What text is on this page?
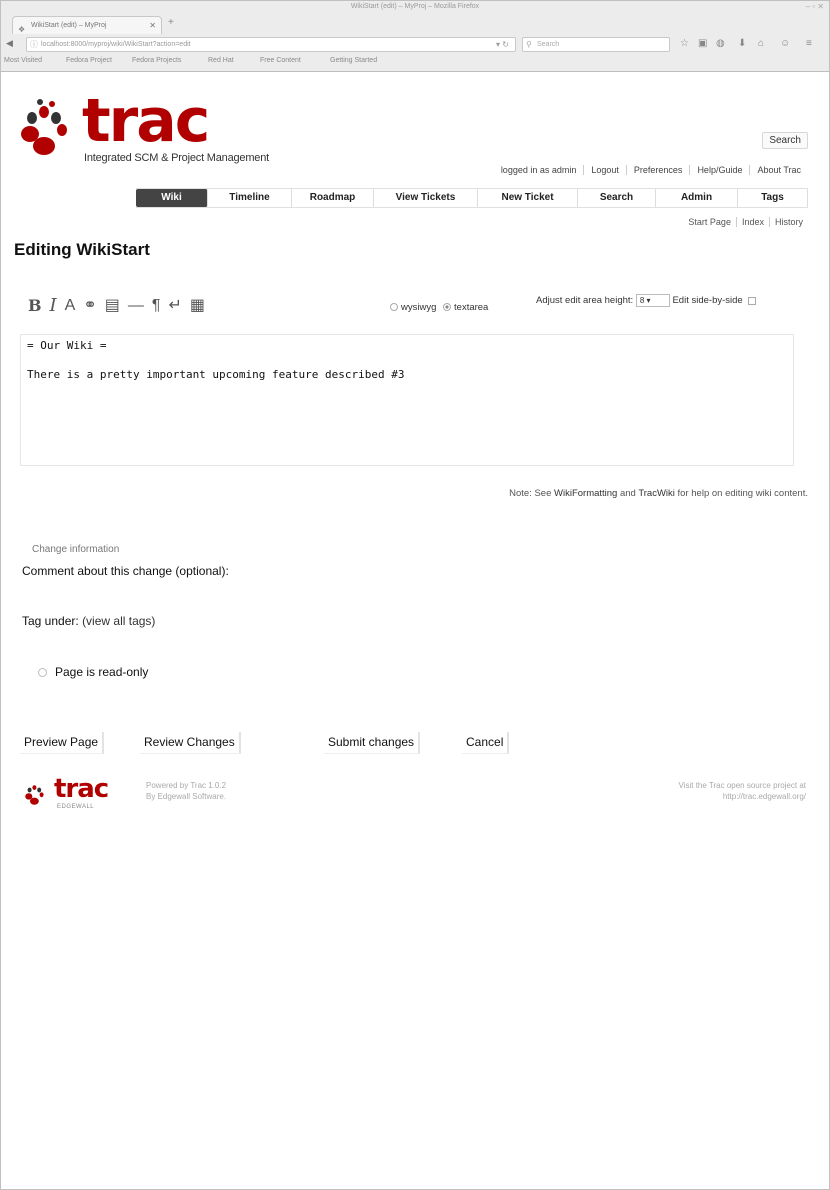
WikiStart (edit) – MyProj – Mozilla Firefox	– ▫ ✕
❖ WikiStart (edit) – MyProj	✕ +
◀ ⓘ localhost:8000/myproj/wiki/WikiStart?action=edit	▾ ↻ ⚲ Search	☆ ▣ ◍ ⬇ ⌂ ☺ ≡
Most Visited	Fedora Project	Fedora Projects	Red Hat	Free Content	Getting Started
trac
Integrated SCM & Project Management
Search
logged in as admin	Logout	Preferences	Help/Guide	About Trac
Wiki	Timeline	Roadmap	View Tickets	New Ticket	Search	Admin	Tags
Start Page	Index	History
Editing WikiStart
B I A ⚭ ▤ — ¶ ↵ ▦	wysiwyg textarea
Adjust edit area height: 8 ▾ Edit side-by-side
= Our Wiki =
There is a pretty important upcoming feature described #3
Note: See WikiFormatting and TracWiki for help on editing wiki content.
Change information
Comment about this change (optional):
Tag under: (view all tags)
Page is read-only
Preview Page	Review Changes	Submit changes	Cancel
trac
EDGEWALL
Powered by Trac 1.0.2
By Edgewall Software.
Visit the Trac open source project at
http://trac.edgewall.org/
